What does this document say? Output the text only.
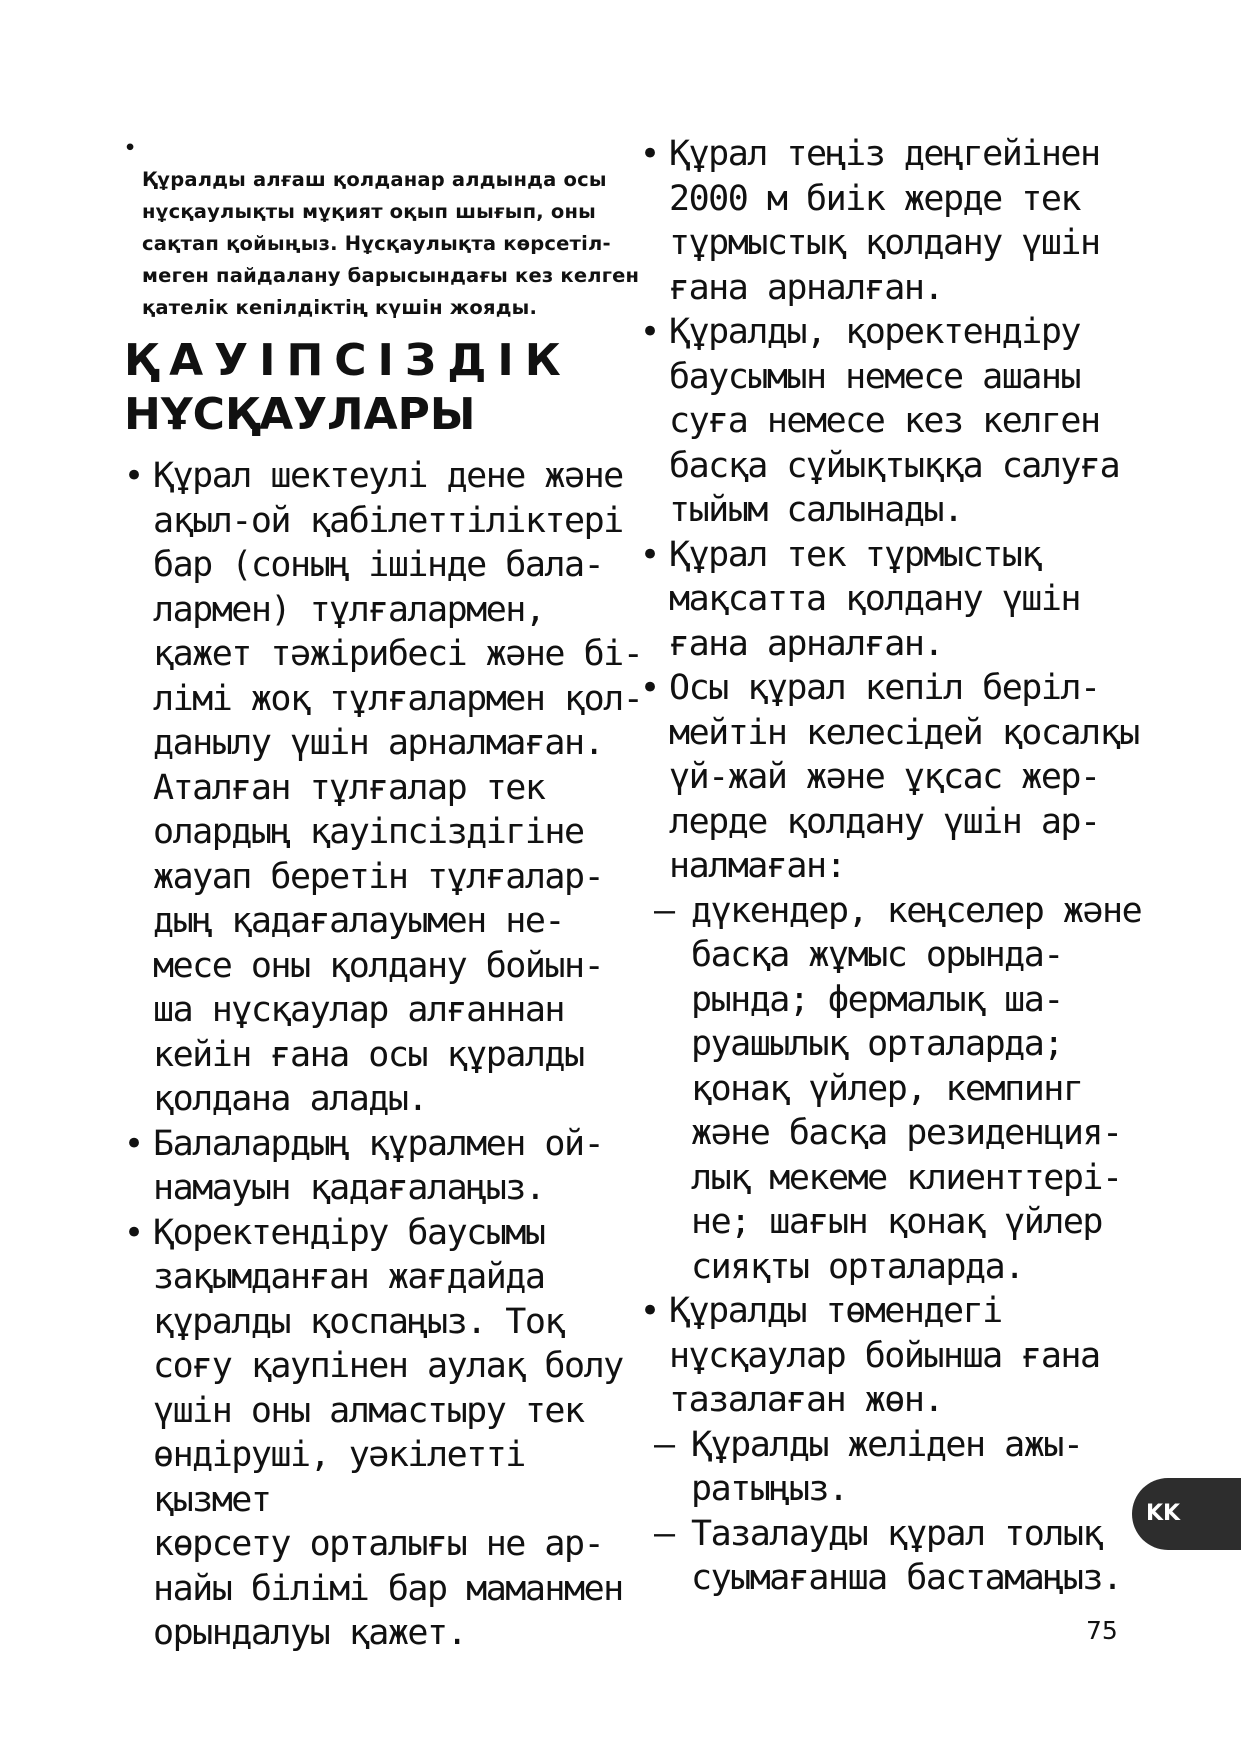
•
Құралды алғаш қолданар алдында осы
нұсқаулықты мұқият оқып шығып, оны
сақтап қойыңыз. Нұсқаулықта көрсетіл-
меген пайдалану барысындағы кез келген
қателік кепілдіктің күшін жояды.

ҚАУІПСІЗДІК
НҰСҚАУЛАРЫ
• Құрал шектеулі дене және
ақыл-ой қабілеттіліктері
бар (соның ішінде бала-
лармен) тұлғалармен,
қажет тәжірибесі және бі-
лімі жоқ тұлғалармен қол-
данылу үшін арналмаған.
Аталған тұлғалар тек
олардың қауіпсіздігіне
жауап беретін тұлғалар-
дың қадағалауымен не-
месе оны қолдану бойын-
ша нұсқаулар алғаннан
кейін ғана осы құралды
қолдана алады.
• Балалардың құралмен ой-
намауын қадағалаңыз.
• Қоректендіру баусымы
зақымданған жағдайда
құралды қоспаңыз. Тоқ
соғу қаупінен аулақ болу
үшін оны алмастыру тек
өндіруші, уәкілетті қызмет
көрсету орталығы не ар-
найы білімі бар маманмен
орындалуы қажет.
• Құрал теңіз деңгейінен
2000 м биік жерде тек
тұрмыстық қолдану үшін
ғана арналған.
• Құралды, қоректендіру
баусымын немесе ашаны
суға немесе кез келген
басқа сұйықтыққа салуға
тыйым салынады.
• Құрал тек тұрмыстық
мақсатта қолдану үшін
ғана арналған.
• Осы құрал кепіл беріл-
мейтін келесідей қосалқы
үй-жай және ұқсас жер-
лерде қолдану үшін ар-
налмаған:
– дүкендер, кеңселер және
басқа жұмыс орында-
рында; фермалық ша-
руашылық орталарда;
қонақ үйлер, кемпинг
және басқа резиденция-
лық мекеме клиенттері-
не; шағын қонақ үйлер
сияқты орталарда.
• Құралды төмендегі
нұсқаулар бойынша ғана
тазалаған жөн.
– Құралды желіден ажы-
ратыңыз.
– Тазалауды құрал толық
суымағанша бастамаңыз.
KK
75
